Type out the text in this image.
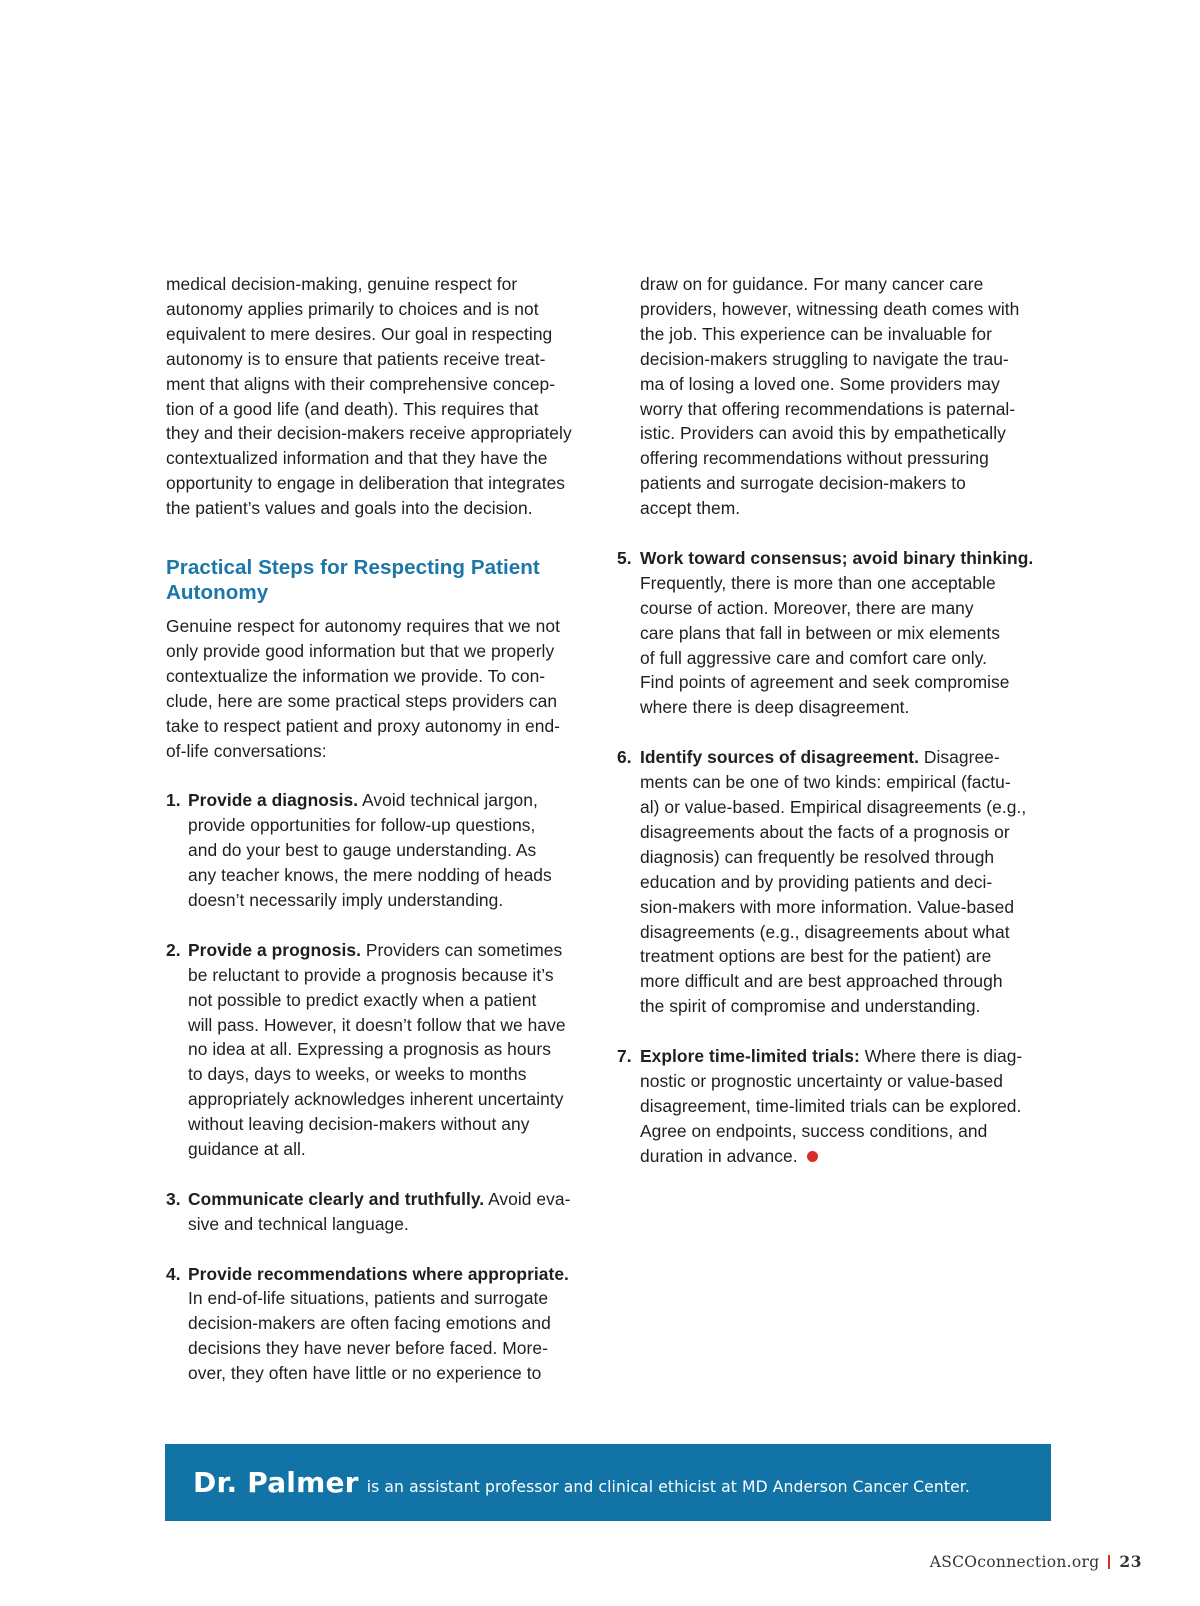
medical decision-making, genuine respect for
autonomy applies primarily to choices and is not
equivalent to mere desires. Our goal in respecting
autonomy is to ensure that patients receive treat-
ment that aligns with their comprehensive concep-
tion of a good life (and death). This requires that
they and their decision-makers receive appropriately
contextualized information and that they have the
opportunity to engage in deliberation that integrates
the patient’s values and goals into the decision.

Practical Steps for Respecting Patient
Autonomy

Genuine respect for autonomy requires that we not
only provide good information but that we properly
contextualize the information we provide. To con-
clude, here are some practical steps providers can
take to respect patient and proxy autonomy in end-
of-life conversations:

1. Provide a diagnosis. Avoid technical jargon,
provide opportunities for follow-up questions,
and do your best to gauge understanding. As
any teacher knows, the mere nodding of heads
doesn’t necessarily imply understanding.
2. Provide a prognosis. Providers can sometimes
be reluctant to provide a prognosis because it’s
not possible to predict exactly when a patient
will pass. However, it doesn’t follow that we have
no idea at all. Expressing a prognosis as hours
to days, days to weeks, or weeks to months
appropriately acknowledges inherent uncertainty
without leaving decision-makers without any
guidance at all.
3. Communicate clearly and truthfully. Avoid eva-
sive and technical language.
4. Provide recommendations where appropriate.
In end-of-life situations, patients and surrogate
decision-makers are often facing emotions and
decisions they have never before faced. More-
over, they often have little or no experience to

draw on for guidance. For many cancer care
providers, however, witnessing death comes with
the job. This experience can be invaluable for
decision-makers struggling to navigate the trau-
ma of losing a loved one. Some providers may
worry that offering recommendations is paternal-
istic. Providers can avoid this by empathetically
offering recommendations without pressuring
patients and surrogate decision-makers to
accept them.

5. Work toward consensus; avoid binary thinking.
Frequently, there is more than one acceptable
course of action. Moreover, there are many
care plans that fall in between or mix elements
of full aggressive care and comfort care only.
Find points of agreement and seek compromise
where there is deep disagreement.
6. Identify sources of disagreement. Disagree-
ments can be one of two kinds: empirical (factu-
al) or value-based. Empirical disagreements (e.g.,
disagreements about the facts of a prognosis or
diagnosis) can frequently be resolved through
education and by providing patients and deci-
sion-makers with more information. Value-based
disagreements (e.g., disagreements about what
treatment options are best for the patient) are
more difficult and are best approached through
the spirit of compromise and understanding.
7. Explore time-limited trials: Where there is diag-
nostic or prognostic uncertainty or value-based
disagreement, time-limited trials can be explored.
Agree on endpoints, success conditions, and
duration in advance.
Dr. Palmer is an assistant professor and clinical ethicist at MD Anderson Cancer Center.
ASCOconnection.org 23
